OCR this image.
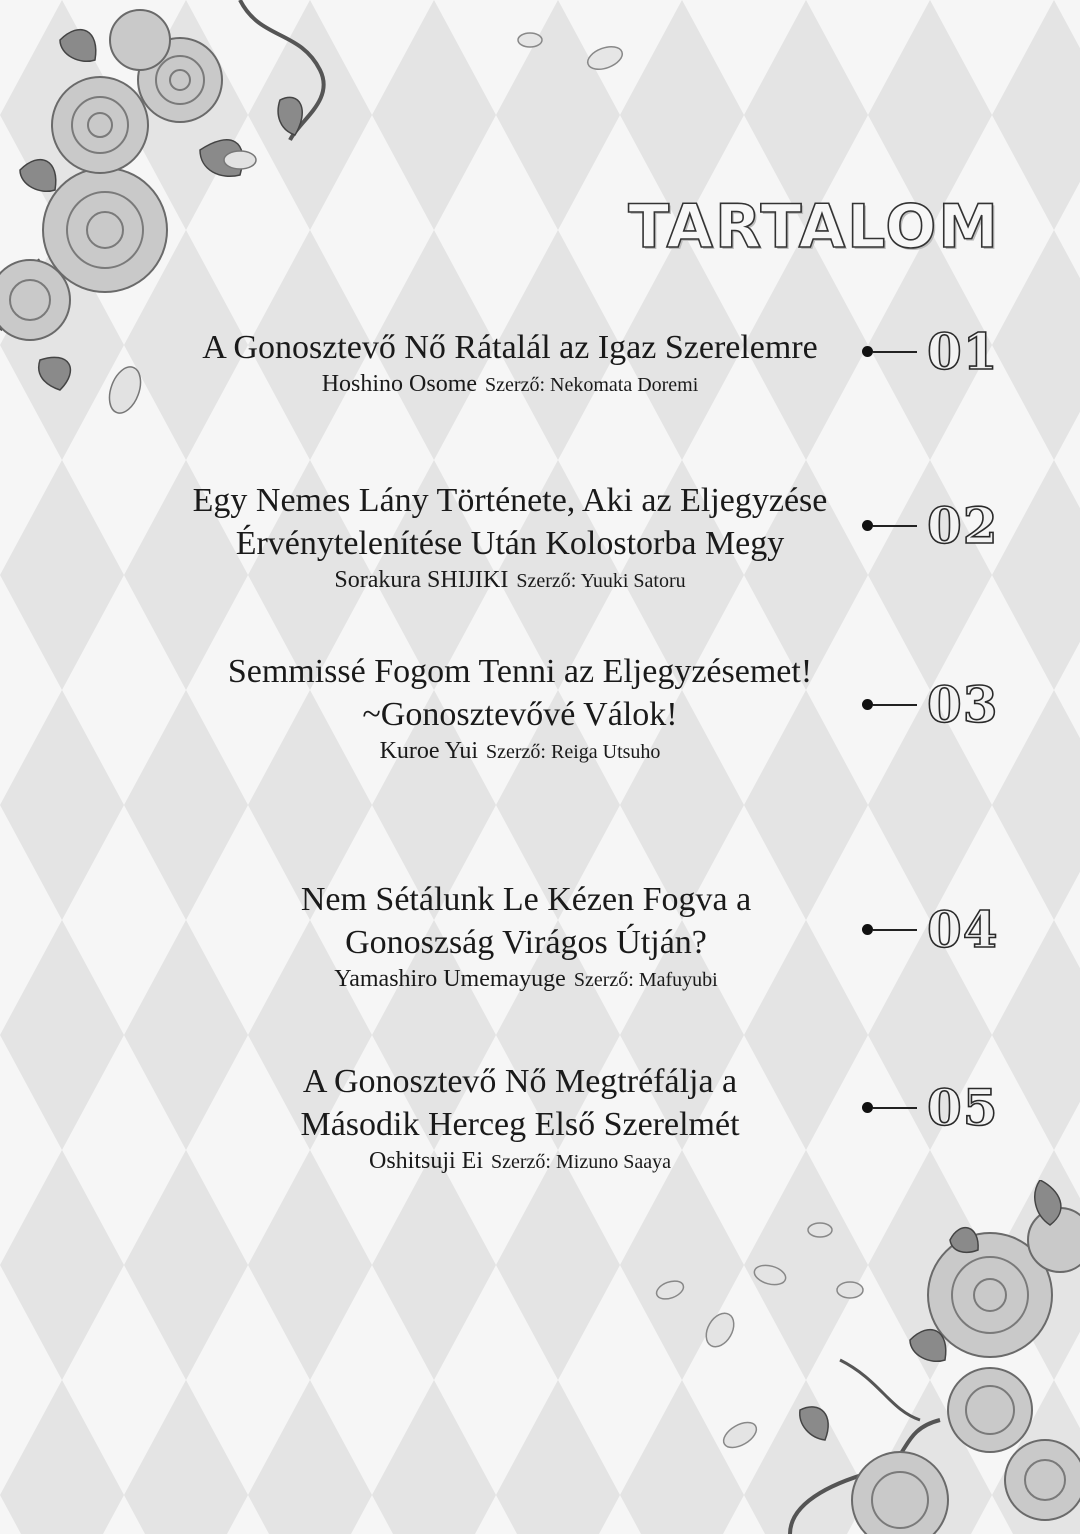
TARTALOM
A Gonosztevő Nő Rátalál az Igaz Szerelemre
Hoshino Osome Szerző: Nekomata Doremi
01
Egy Nemes Lány Története, Aki az Eljegyzése
Érvénytelenítése Után Kolostorba Megy
Sorakura SHIJIKI Szerző: Yuuki Satoru
02
Semmissé Fogom Tenni az Eljegyzésemet!
~Gonosztevővé Válok!
Kuroe Yui Szerző: Reiga Utsuho
03
Nem Sétálunk Le Kézen Fogva a
Gonoszság Virágos Útján?
Yamashiro Umemayuge Szerző: Mafuyubi
04
A Gonosztevő Nő Megtréfálja a
Második Herceg Első Szerelmét
Oshitsuji Ei Szerző: Mizuno Saaya
05
